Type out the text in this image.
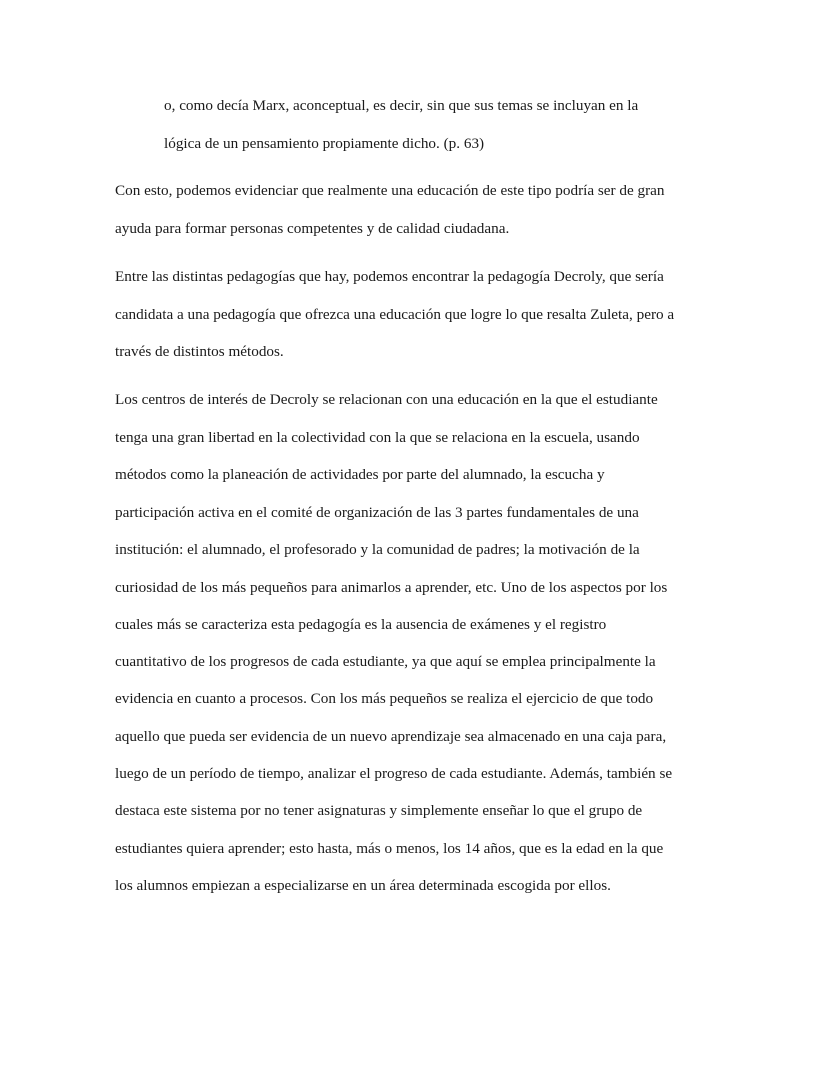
o, como decía Marx, aconceptual, es decir, sin que sus temas se incluyan en la
lógica de un pensamiento propiamente dicho. (p. 63)
Con esto, podemos evidenciar que realmente una educación de este tipo podría ser de gran
ayuda para formar personas competentes y de calidad ciudadana.
Entre las distintas pedagogías que hay, podemos encontrar la pedagogía Decroly, que sería
candidata a una pedagogía que ofrezca una educación que logre lo que resalta Zuleta, pero a
través de distintos métodos.
Los centros de interés de Decroly se relacionan con una educación en la que el estudiante
tenga una gran libertad en la colectividad con la que se relaciona en la escuela, usando
métodos como la planeación de actividades por parte del alumnado, la escucha y
participación activa en el comité de organización de las 3 partes fundamentales de una
institución: el alumnado, el profesorado y la comunidad de padres; la motivación de la
curiosidad de los más pequeños para animarlos a aprender, etc. Uno de los aspectos por los
cuales más se caracteriza esta pedagogía es la ausencia de exámenes y el registro
cuantitativo de los progresos de cada estudiante, ya que aquí se emplea principalmente la
evidencia en cuanto a procesos. Con los más pequeños se realiza el ejercicio de que todo
aquello que pueda ser evidencia de un nuevo aprendizaje sea almacenado en una caja para,
luego de un período de tiempo, analizar el progreso de cada estudiante. Además, también se
destaca este sistema por no tener asignaturas y simplemente enseñar lo que el grupo de
estudiantes quiera aprender; esto hasta, más o menos, los 14 años, que es la edad en la que
los alumnos empiezan a especializarse en un área determinada escogida por ellos.
